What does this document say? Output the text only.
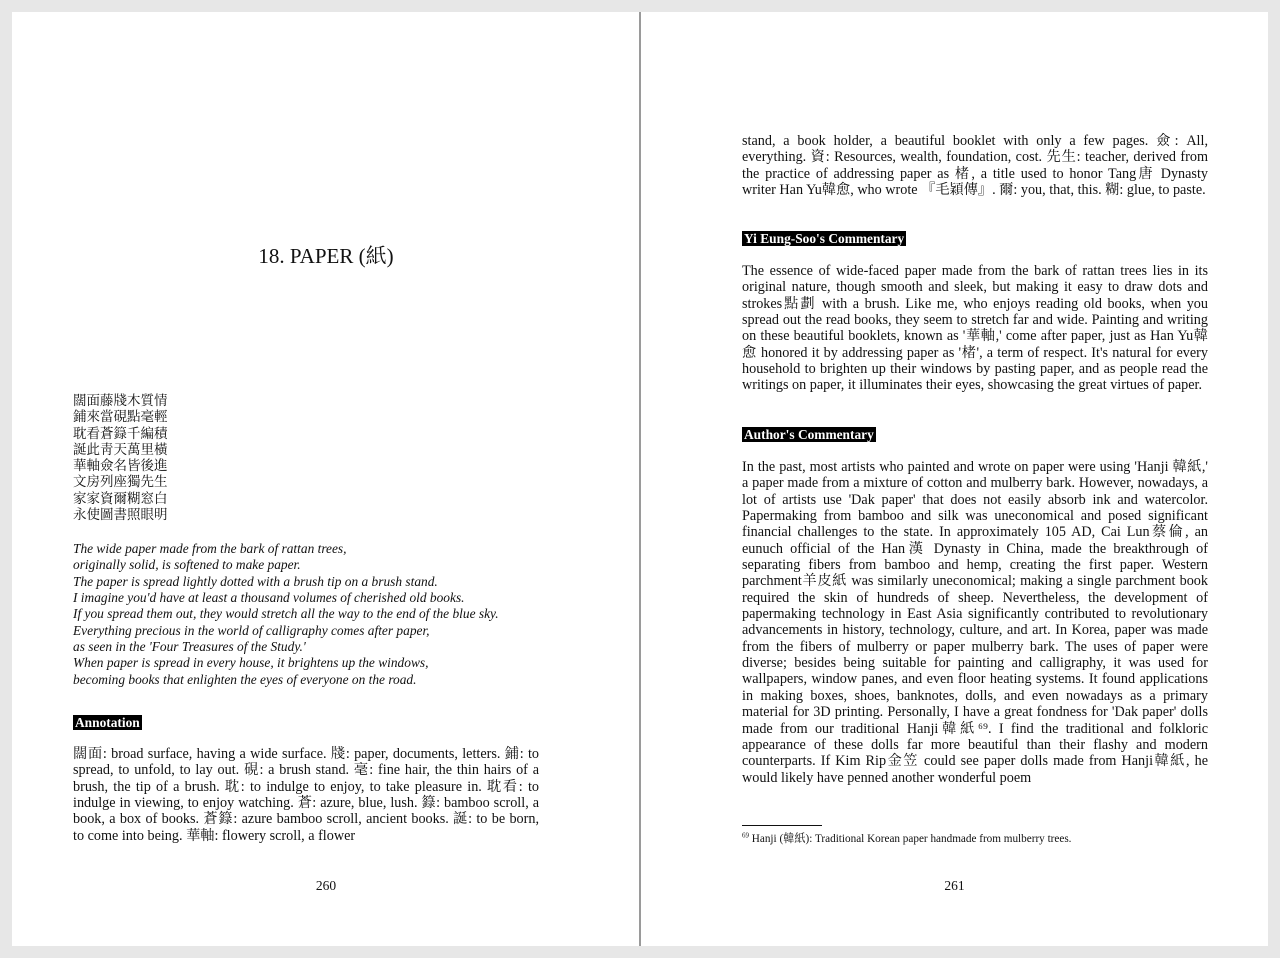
18. PAPER (紙)
闊面藤牋木質情
鋪來當硯點毫輕
耽看蒼籙千編積
誕此靑天萬里橫
華軸僉名皆後進
文房列座獨先生
家家資爾糊窓白
永使圖書照眼明
The wide paper made from the bark of rattan trees,
originally solid, is softened to make paper.
The paper is spread lightly dotted with a brush tip on a brush stand.
I imagine you'd have at least a thousand volumes of cherished old books.
If you spread them out, they would stretch all the way to the end of the blue sky.
Everything precious in the world of calligraphy comes after paper,
as seen in the 'Four Treasures of the Study.'
When paper is spread in every house, it brightens up the windows,
becoming books that enlighten the eyes of everyone on the road.
Annotation

闊面: broad surface, having a wide surface. 牋: paper, documents, letters. 鋪: to spread, to unfold, to lay out. 硯: a brush stand. 毫: fine hair, the thin hairs of a brush, the tip of a brush. 耽: to indulge to enjoy, to take pleasure in. 耽看: to indulge in viewing, to enjoy watching. 蒼: azure, blue, lush. 籙: bamboo scroll, a book, a box of books. 蒼籙: azure bamboo scroll, ancient books. 誕: to be born, to come into being. 華軸: flowery scroll, a flower

260

stand, a book holder, a beautiful booklet with only a few pages. 僉: All, everything. 資: Resources, wealth, foundation, cost. 先生: teacher, derived from the practice of addressing paper as 楮, a title used to honor Tang唐 Dynasty writer Han Yu韓愈, who wrote 『毛穎傳』. 爾: you, that, this. 糊: glue, to paste.

Yi Eung-Soo's Commentary

The essence of wide-faced paper made from the bark of rattan trees lies in its original nature, though smooth and sleek, but making it easy to draw dots and strokes點劃 with a brush. Like me, who enjoys reading old books, when you spread out the read books, they seem to stretch far and wide. Painting and writing on these beautiful booklets, known as '華軸,' come after paper, just as Han Yu韓愈 honored it by addressing paper as '楮', a term of respect. It's natural for every household to brighten up their windows by pasting paper, and as people read the writings on paper, it illuminates their eyes, showcasing the great virtues of paper.

Author's Commentary

In the past, most artists who painted and wrote on paper were using 'Hanji 韓紙,' a paper made from a mixture of cotton and mulberry bark. However, nowadays, a lot of artists use 'Dak paper' that does not easily absorb ink and watercolor. Papermaking from bamboo and silk was uneconomical and posed significant financial challenges to the state. In approximately 105 AD, Cai Lun蔡倫, an eunuch official of the Han漢 Dynasty in China, made the breakthrough of separating fibers from bamboo and hemp, creating the first paper. Western parchment羊皮紙 was similarly uneconomical; making a single parchment book required the skin of hundreds of sheep. Nevertheless, the development of papermaking technology in East Asia significantly contributed to revolutionary advancements in history, technology, culture, and art. In Korea, paper was made from the fibers of mulberry or paper mulberry bark. The uses of paper were diverse; besides being suitable for painting and calligraphy, it was used for wallpapers, window panes, and even floor heating systems. It found applications in making boxes, shoes, banknotes, dolls, and even nowadays as a primary material for 3D printing. Personally, I have a great fondness for 'Dak paper' dolls made from our traditional Hanji韓紙⁶⁹. I find the traditional and folkloric appearance of these dolls far more beautiful than their flashy and modern counterparts. If Kim Rip金笠 could see paper dolls made from Hanji韓紙, he would likely have penned another wonderful poem

$^{69}$ Hanji (韓紙): Traditional Korean paper handmade from mulberry trees.
261
